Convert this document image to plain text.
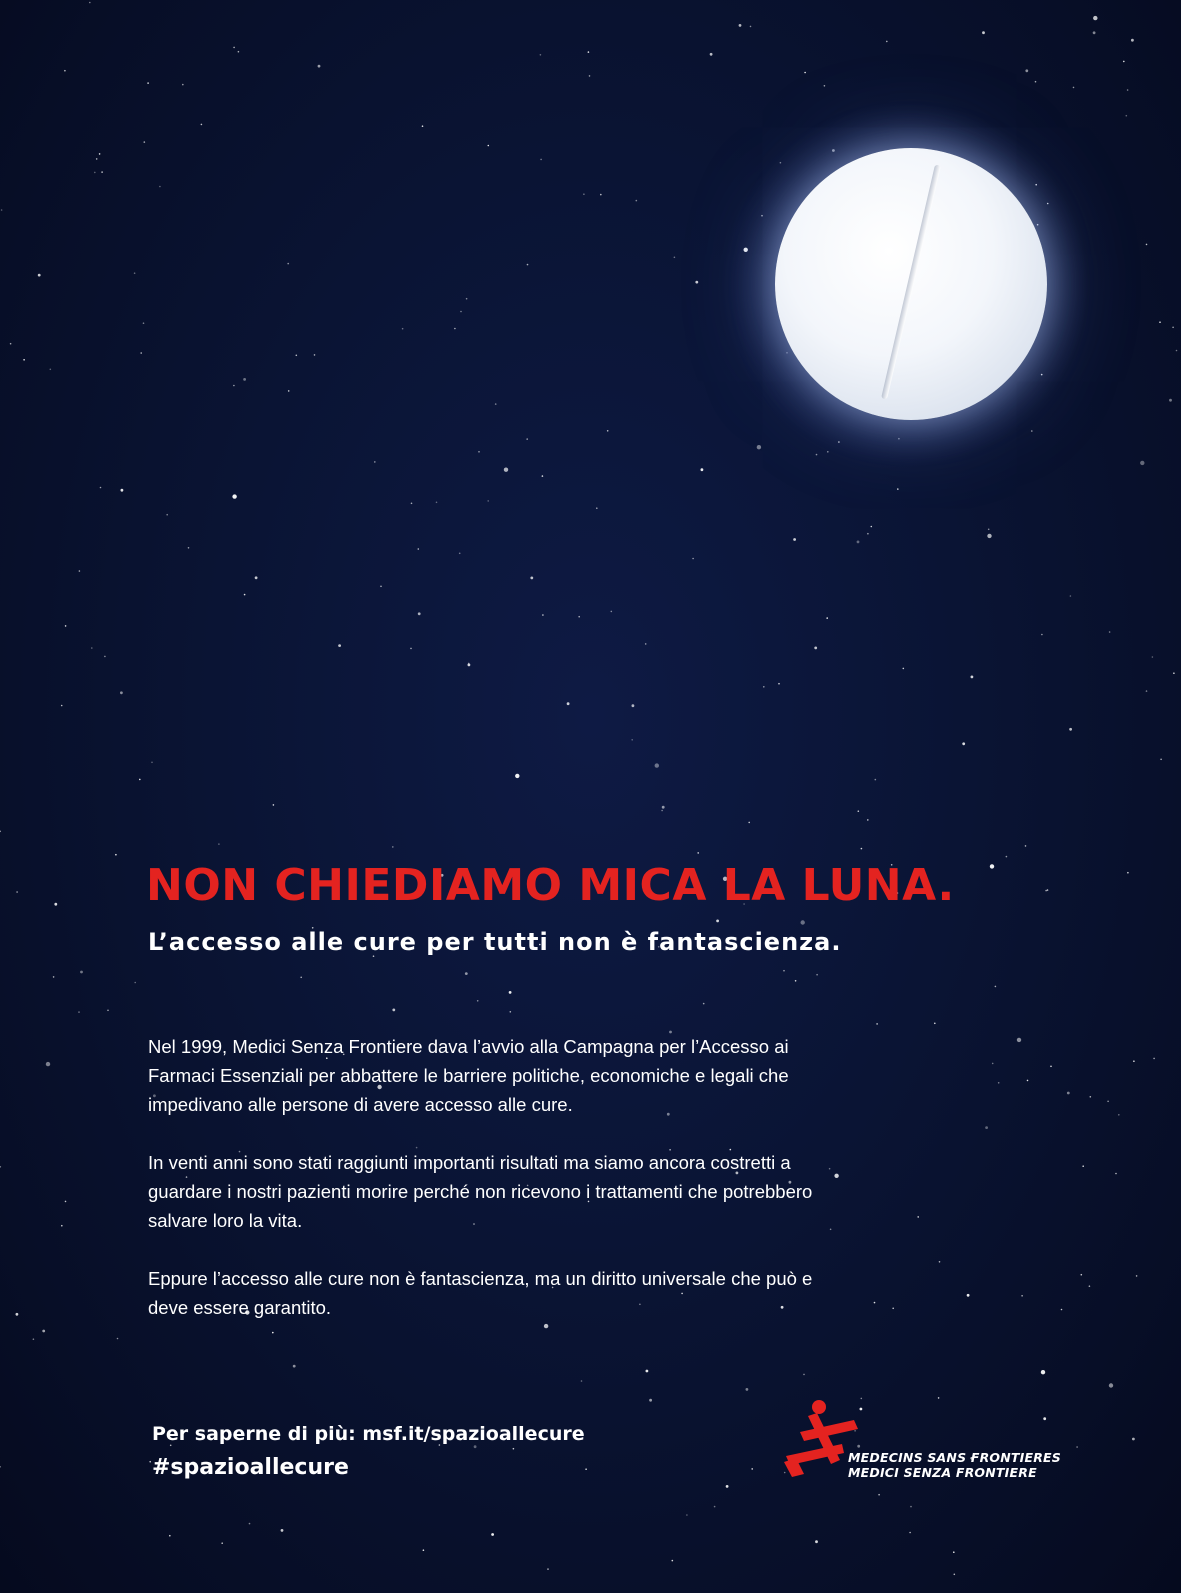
NON CHIEDIAMO MICA LA LUNA.
L’accesso alle cure per tutti non è fantascienza.

Nel 1999, Medici Senza Frontiere dava l’avvio alla Campagna per l’Accesso ai Farmaci Essenziali per abbattere le barriere politiche, economiche e legali che impedivano alle persone di avere accesso alle cure.

In venti anni sono stati raggiunti importanti risultati ma siamo ancora costretti a guardare i nostri pazienti morire perché non ricevono i trattamenti che potrebbero salvare loro la vita.

Eppure l’accesso alle cure non è fantascienza, ma un diritto universale che può e deve essere garantito.

Per saperne di più: msf.it/spazioallecure

#spazioallecure	MEDECINS SANS FRONTIERES
MEDICI SENZA FRONTIERE
